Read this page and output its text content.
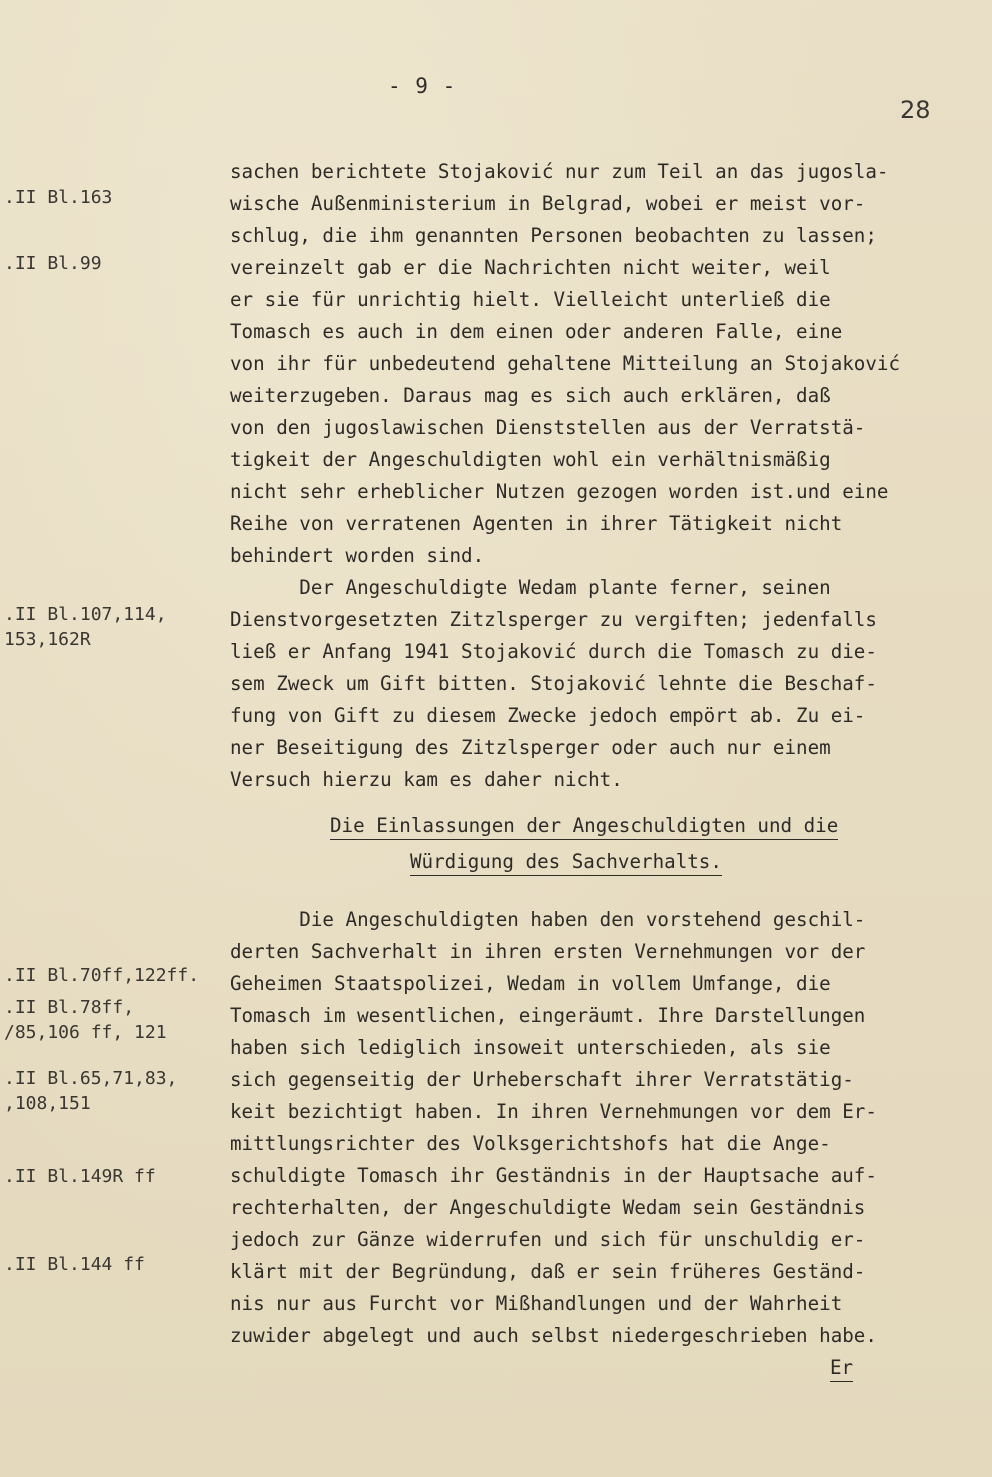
- 9 -
28
.II Bl.163
.II Bl.99
.II Bl.107,114,
153,162R
.II Bl.70ff,122ff.
.II Bl.78ff,
/85,106 ff, 121
.II Bl.65,71,83,
,108,151
.II Bl.149R ff
.II Bl.144 ff
sachen berichtete Stojaković nur zum Teil an das jugosla-
wische Außenministerium in Belgrad, wobei er meist vor-
schlug, die ihm genannten Personen beobachten zu lassen;
vereinzelt gab er die Nachrichten nicht weiter, weil
er sie für unrichtig hielt. Vielleicht unterließ die
Tomasch es auch in dem einen oder anderen Falle, eine
von ihr für unbedeutend gehaltene Mitteilung an Stojaković
weiterzugeben. Daraus mag es sich auch erklären, daß
von den jugoslawischen Dienststellen aus der Verratstä-
tigkeit der Angeschuldigten wohl ein verhältnismäßig
nicht sehr erheblicher Nutzen gezogen worden ist.und eine
Reihe von verratenen Agenten in ihrer Tätigkeit nicht
behindert worden sind.
Der Angeschuldigte Wedam plante ferner, seinen
Dienstvorgesetzten Zitzlsperger zu vergiften; jedenfalls
ließ er Anfang 1941 Stojaković durch die Tomasch zu die-
sem Zweck um Gift bitten. Stojaković lehnte die Beschaf-
fung von Gift zu diesem Zwecke jedoch empört ab. Zu ei-
ner Beseitigung des Zitzlsperger oder auch nur einem
Versuch hierzu kam es daher nicht.
Die Einlassungen der Angeschuldigten und die
Würdigung des Sachverhalts.
Die Angeschuldigten haben den vorstehend geschil-
derten Sachverhalt in ihren ersten Vernehmungen vor der
Geheimen Staatspolizei, Wedam in vollem Umfange, die
Tomasch im wesentlichen, eingeräumt. Ihre Darstellungen
haben sich lediglich insoweit unterschieden, als sie
sich gegenseitig der Urheberschaft ihrer Verratstätig-
keit bezichtigt haben. In ihren Vernehmungen vor dem Er-
mittlungsrichter des Volksgerichtshofs hat die Ange-
schuldigte Tomasch ihr Geständnis in der Hauptsache auf-
rechterhalten, der Angeschuldigte Wedam sein Geständnis
jedoch zur Gänze widerrufen und sich für unschuldig er-
klärt mit der Begründung, daß er sein früheres Geständ-
nis nur aus Furcht vor Mißhandlungen und der Wahrheit
zuwider abgelegt und auch selbst niedergeschrieben habe.
Er
